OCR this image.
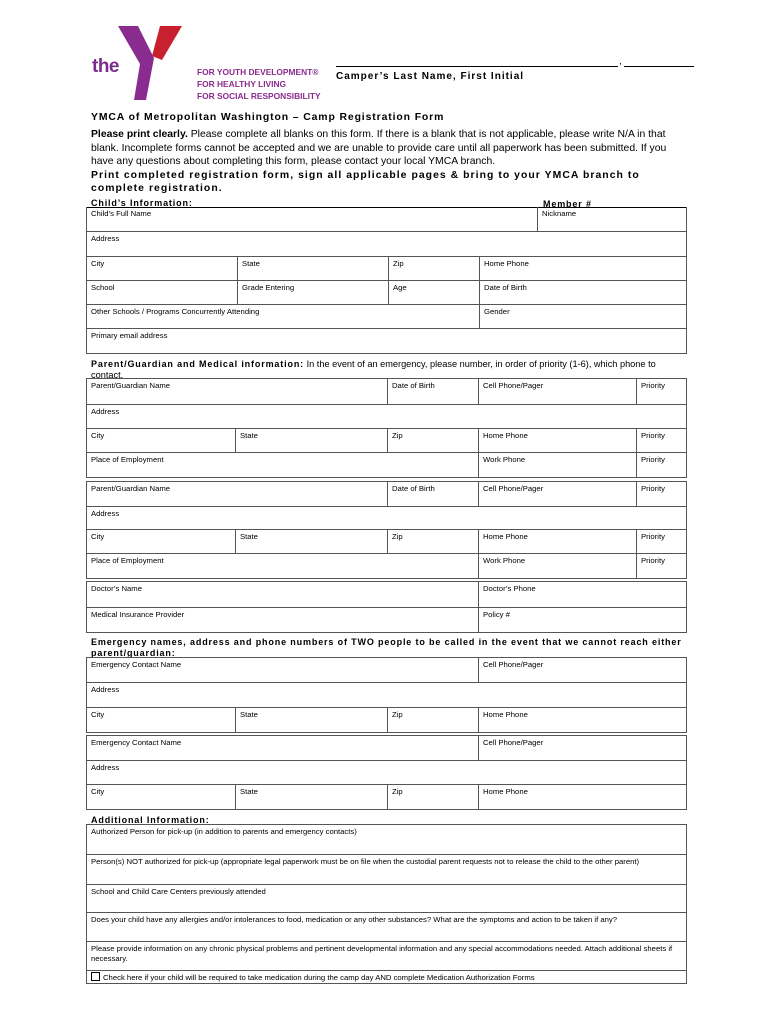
the
YMCA	FOR YOUTH DEVELOPMENT®
FOR HEALTHY LIVING
FOR SOCIAL RESPONSIBILITY
,
Camper’s Last Name, First Initial
YMCA of Metropolitan Washington – Camp Registration Form
Please print clearly. Please complete all blanks on this form. If there is a blank that is not applicable, please write N/A in that blank. Incomplete forms cannot be accepted and we are unable to provide care until all paperwork has been submitted. If you have any questions about completing this form, please contact your local YMCA branch.
Print completed registration form, sign all applicable pages & bring to your YMCA branch to complete registration.
Child’s Information:	Member # _______________
Child’s Full Name	Nickname
Address
City	State	Zip	Home Phone
School	Grade Entering	Age	Date of Birth
Other Schools / Programs Concurrently Attending	Gender
Primary email address
Parent/Guardian and Medical information: In the event of an emergency, please number, in order of priority (1-6), which phone to contact.
Parent/Guardian Name	Date of Birth	Cell Phone/Pager	Priority
Address
City	State	Zip	Home Phone	Priority
Place of Employment	Work Phone	Priority
Parent/Guardian Name	Date of Birth	Cell Phone/Pager	Priority
Address
City	State	Zip	Home Phone	Priority
Place of Employment	Work Phone	Priority
Doctor’s Name	Doctor’s Phone
Medical Insurance Provider	Policy #
Emergency names, address and phone numbers of TWO people to be called in the event that we cannot reach either parent/guardian:
Emergency Contact Name	Cell Phone/Pager
Address
City	State	Zip	Home Phone
Emergency Contact Name	Cell Phone/Pager
Address
City	State	Zip	Home Phone
Additional Information:
Authorized Person for pick-up (in addition to parents and emergency contacts)
Person(s) NOT authorized for pick-up (appropriate legal paperwork must be on file when the custodial parent requests not to release the child to the other parent)
School and Child Care Centers previously attended
Does your child have any allergies and/or intolerances to food, medication or any other substances? What are the symptoms and action to be taken if any?
Please provide information on any chronic physical problems and pertinent developmental information and any special accommodations needed. Attach additional sheets if necessary.
Check here if your child will be required to take medication during the camp day AND complete Medication Authorization Forms
